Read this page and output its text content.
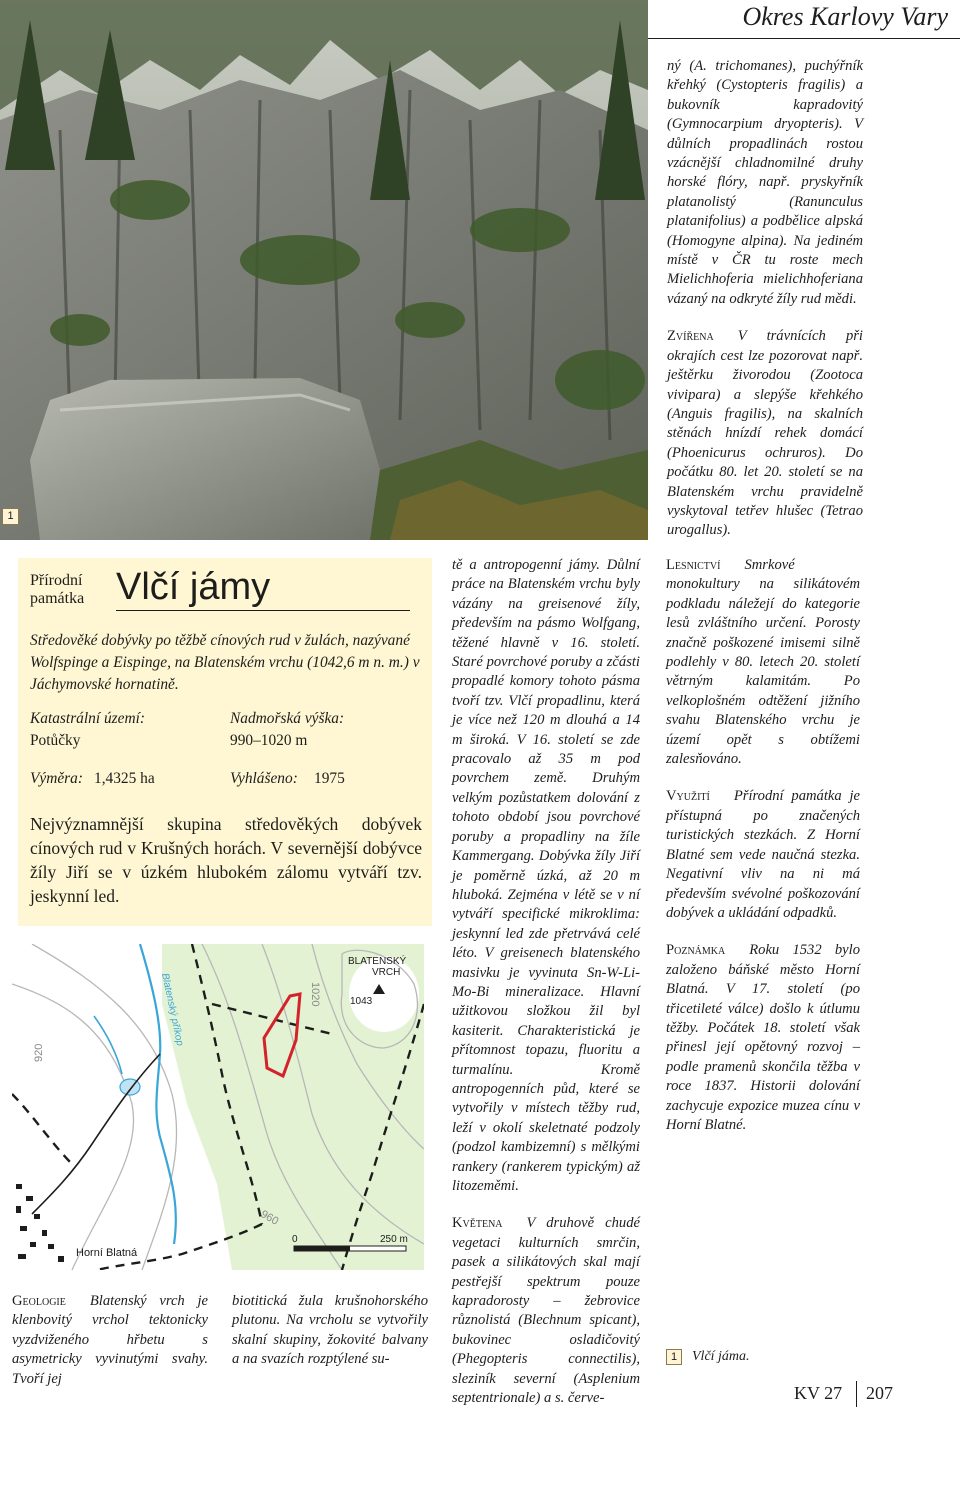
Okres Karlovy Vary
1

ný (A. trichomanes), puchýřník křehký (Cystopteris fragilis) a bukovník kapradovitý (Gymnocarpium dryopteris). V důlních propadlinách rostou vzácnější chladnomilné druhy horské flóry, např. pryskyřník platanolistý (Ranunculus platanifolius) a podbělice alpská (Homogyne alpina). Na jediném místě v ČR tu roste mech Mielichhoferia mielichhoferiana vázaný na odkryté žíly rud mědi.

Zvířena V trávnících při okrajích cest lze pozorovat např. ještěrku živorodou (Zootoca vivipara) a slepýše křehkého (Anguis fragilis), na skalních stěnách hnízdí rehek domácí (Phoenicurus ochruros). Do počátku 80. let 20. století se na Blatenském vrchu pravidelně vyskytoval tetřev hlušec (Tetrao urogallus).

Přírodní
památka Vlčí jámy
Středověké dobývky po těžbě cínových rud v žulách, nazývané Wolfspinge a Eispinge, na Blatenském vrchu (1042,6 m n. m.) v Jáchymovské hornatině.
Katastrální území:
Potůčky
Nadmořská výška:
990–1020 m
Výměra: 1,4325 ha	Vyhlášeno: 1975
Nejvýznamnější skupina středověkých dobývek cínových rud v Krušných horách. V severnější dobývce žíly Jiří se v úzkém hlubokém zálomu vytváří tzv. jeskynní led.
1020
920
960
Blatenský příkop
BLATENSKÝ
VRCH
1043
Horní Blatná
0	250 m

Geologie Blatenský vrch je klenbovitý vrchol tektonicky vyzdviženého hřbetu s asymetricky vyvinutými svahy. Tvoří jej

biotitická žula krušnohorského plutonu. Na vrcholu se vytvořily skalní skupiny, žokovité balvany a na svazích rozptýlené su-

tě a antropogenní jámy. Důlní práce na Blatenském vrchu byly vázány na greisenové žíly, především na pásmo Wolfgang, těžené hlavně v 16. století. Staré povrchové poruby a zčásti propadlé komory tohoto pásma tvoří tzv. Vlčí propadlinu, která je více než 120 m dlouhá a 14 m široká. V 16. století se zde pracovalo až 35 m pod povrchem země. Druhým velkým pozůstatkem dolování z tohoto období jsou povrchové poruby a propadliny na žíle Kammergang. Dobývka žíly Jiří je poměrně úzká, až 20 m hluboká. Zejména v létě se v ní vytváří specifické mikroklima: jeskynní led zde přetrvává celé léto. V greisenech blatenského masivku je vyvinuta Sn-W-Li-Mo-Bi mineralizace. Hlavní užitkovou složkou žil byl kasiterit. Charakteristická je přítomnost topazu, fluoritu a turmalínu. Kromě antropogenních půd, které se vytvořily v místech těžby rud, leží v okolí skeletnaté podzoly (podzol kambizemní) s mělkými rankery (rankerem typickým) až litozeměmi.

Květena V druhově chudé vegetaci kulturních smrčin, pasek a silikátových skal mají pestřejší spektrum pouze kapradorosty – žebrovice různolistá (Blechnum spicant), bukovinec osladičovitý (Phegopteris connectilis), sleziník severní (Asplenium septentrionale) a s. červe-

Lesnictví Smrkové monokultury na silikátovém podkladu náležejí do kategorie lesů zvláštního určení. Porosty značně poškozené imisemi silně podlehly v 80. letech 20. století větrným kalamitám. Po velkoplošném odtěžení jižního svahu Blatenského vrchu je území opět s obtížemi zalesňováno.

Využití Přírodní památka je přístupná po značených turistických stezkách. Z Horní Blatné sem vede naučná stezka. Negativní vliv na ni má především svévolné poškozování dobývek a ukládání odpadků.

Poznámka Roku 1532 bylo založeno báňské město Horní Blatná. V 17. století (po třicetileté válce) došlo k útlumu těžby. Počátek 18. století však přinesl její opětovný rozvoj – podle pramenů skončila těžba v roce 1837. Historii dolování zachycuje expozice muzea cínu v Horní Blatné.

1 Vlčí jáma.
KV 27 207
